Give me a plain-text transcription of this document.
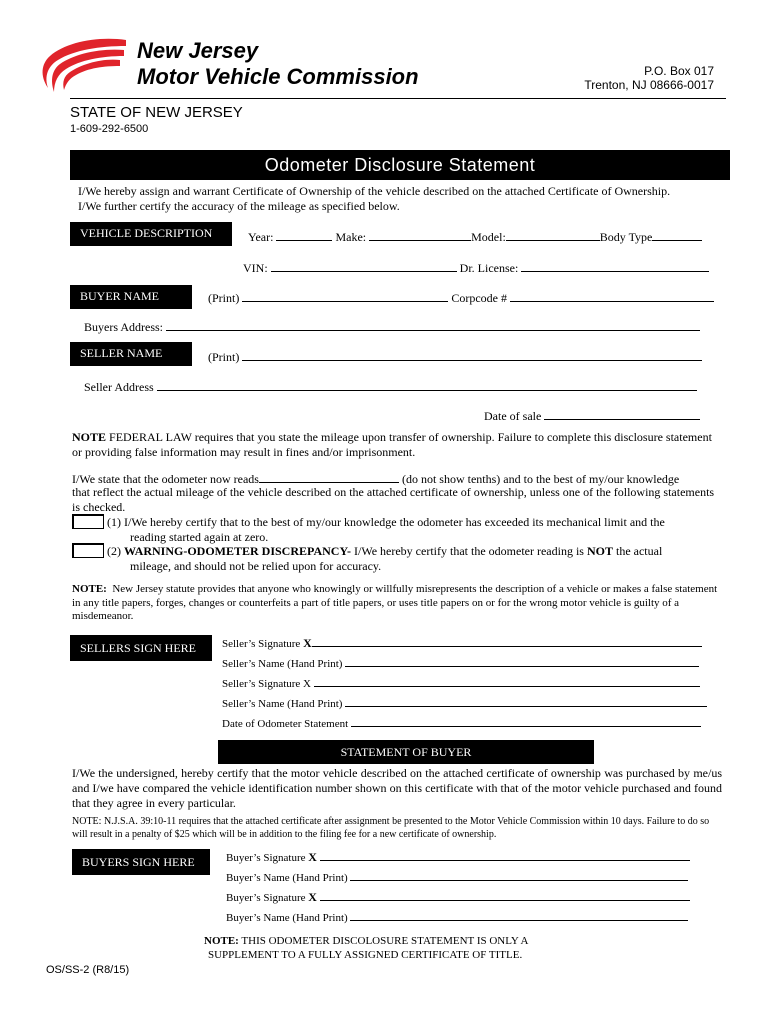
New Jersey
Motor Vehicle Commission	P.O. Box 017
Trenton, NJ 08666-0017
STATE OF NEW JERSEY
1-609-292-6500
Odometer Disclosure Statement
I/We hereby assign and warrant Certificate of Ownership of the vehicle described on the attached Certificate of Ownership.
I/We further certify the accuracy of the mileage as specified below.
VEHICLE DESCRIPTION	Year:	Make:	Model:	Body Type
VIN:	Dr. License:
BUYER NAME	(Print)	Corpcode #
Buyers Address:
SELLER NAME	(Print)
Seller Address
Date of sale
NOTE FEDERAL LAW requires that you state the mileage upon transfer of ownership. Failure to complete this disclosure statement or providing false information may result in fines and/or imprisonment.
I/We state that the odometer now reads	(do not show tenths) and to the best of my/our knowledge
that reflect the actual mileage of the vehicle described on the attached certificate of ownership, unless one of the following statements is checked.
(1) I/We hereby certify that to the best of my/our knowledge the odometer has exceeded its mechanical limit and the
reading started again at zero.
(2) WARNING-ODOMETER DISCREPANCY- I/We hereby certify that the odometer reading is NOT the actual
mileage, and should not be relied upon for accuracy.
NOTE: New Jersey statute provides that anyone who knowingly or willfully misrepresents the description of a vehicle or makes a false statement in any title papers, forges, changes or counterfeits a part of title papers, or uses title papers on or for the wrong motor vehicle is guilty of a misdemeanor.
SELLERS SIGN HERE	Seller’s Signature X
Seller’s Name (Hand Print)
Seller’s Signature X
Seller’s Name (Hand Print)
Date of Odometer Statement
STATEMENT OF BUYER
I/We the undersigned, hereby certify that the motor vehicle described on the attached certificate of ownership was purchased by me/us and I/we have compared the vehicle identification number shown on this certificate with that of the motor vehicle purchased and found that they agree in every particular.
NOTE: N.J.S.A. 39:10-11 requires that the attached certificate after assignment be presented to the Motor Vehicle Commission within 10 days. Failure to do so will result in a penalty of $25 which will be in addition to the filing fee for a new certificate of ownership.
BUYERS SIGN HERE	Buyer’s Signature X
Buyer’s Name (Hand Print)
Buyer’s Signature X
Buyer’s Name (Hand Print)
NOTE: THIS ODOMETER DISCOLOSURE STATEMENT IS ONLY A
SUPPLEMENT TO A FULLY ASSIGNED CERTIFICATE OF TITLE.
OS/SS-2 (R8/15)
